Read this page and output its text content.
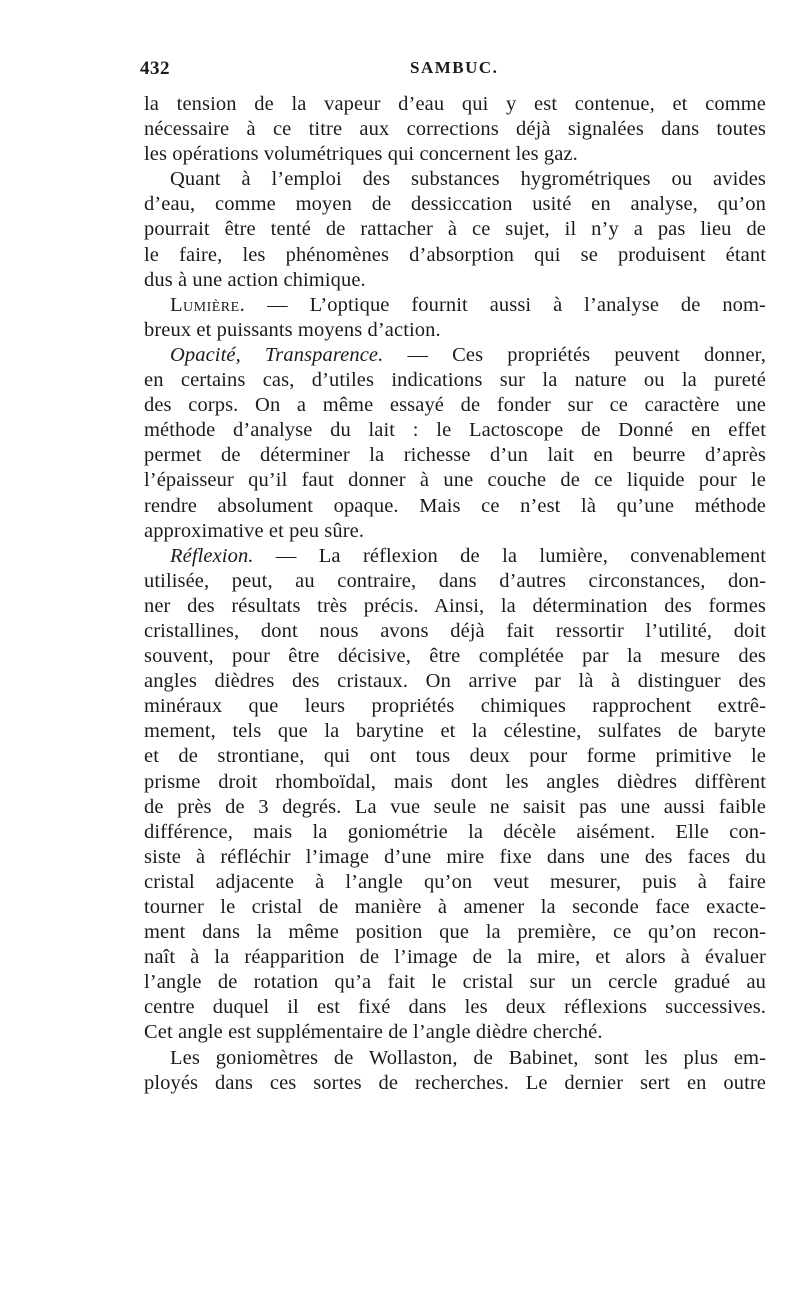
432	SAMBUC.
la tension de la vapeur d’eau qui y est contenue, et comme
nécessaire à ce titre aux corrections déjà signalées dans toutes
les opérations volumétriques qui concernent les gaz.
Quant à l’emploi des substances hygrométriques ou avides
d’eau, comme moyen de dessiccation usité en analyse, qu’on
pourrait être tenté de rattacher à ce sujet, il n’y a pas lieu de
le faire, les phénomènes d’absorption qui se produisent étant
dus à une action chimique.
Lumière. — L’optique fournit aussi à l’analyse de nom-
breux et puissants moyens d’action.
Opacité, Transparence. — Ces propriétés peuvent donner,
en certains cas, d’utiles indications sur la nature ou la pureté
des corps. On a même essayé de fonder sur ce caractère une
méthode d’analyse du lait : le Lactoscope de Donné en effet
permet de déterminer la richesse d’un lait en beurre d’après
l’épaisseur qu’il faut donner à une couche de ce liquide pour le
rendre absolument opaque. Mais ce n’est là qu’une méthode
approximative et peu sûre.
Réflexion. — La réflexion de la lumière, convenablement
utilisée, peut, au contraire, dans d’autres circonstances, don-
ner des résultats très précis. Ainsi, la détermination des formes
cristallines, dont nous avons déjà fait ressortir l’utilité, doit
souvent, pour être décisive, être complétée par la mesure des
angles dièdres des cristaux. On arrive par là à distinguer des
minéraux que leurs propriétés chimiques rapprochent extrê-
mement, tels que la barytine et la célestine, sulfates de baryte
et de strontiane, qui ont tous deux pour forme primitive le
prisme droit rhomboïdal, mais dont les angles dièdres diffèrent
de près de 3 degrés. La vue seule ne saisit pas une aussi faible
différence, mais la goniométrie la décèle aisément. Elle con-
siste à réfléchir l’image d’une mire fixe dans une des faces du
cristal adjacente à l’angle qu’on veut mesurer, puis à faire
tourner le cristal de manière à amener la seconde face exacte-
ment dans la même position que la première, ce qu’on recon-
naît à la réapparition de l’image de la mire, et alors à évaluer
l’angle de rotation qu’a fait le cristal sur un cercle gradué au
centre duquel il est fixé dans les deux réflexions successives.
Cet angle est supplémentaire de l’angle dièdre cherché.
Les goniomètres de Wollaston, de Babinet, sont les plus em-
ployés dans ces sortes de recherches. Le dernier sert en outre
